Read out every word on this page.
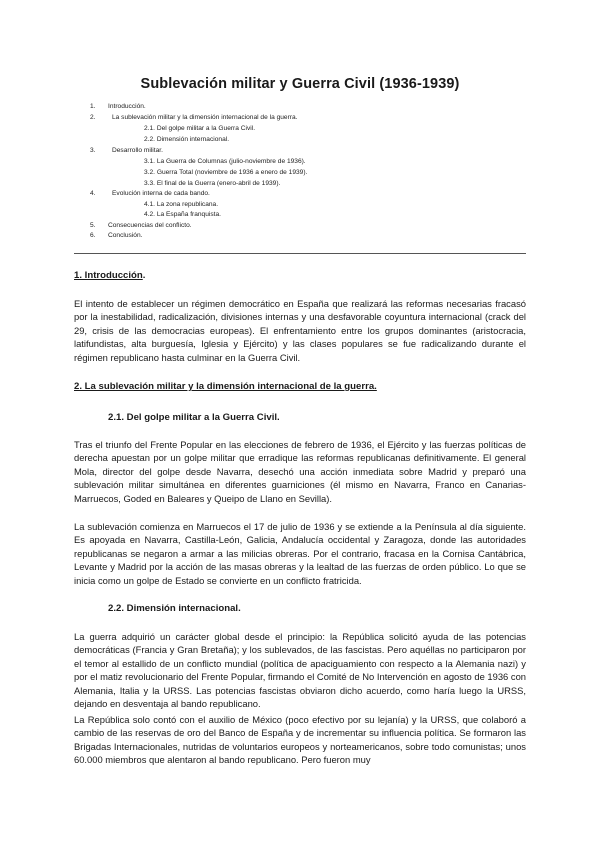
Sublevación militar y Guerra Civil (1936-1939)
1. Introducción.
2.	La sublevación militar y la dimensión internacional de la guerra.
2.1. Del golpe militar a la Guerra Civil.
2.2. Dimensión internacional.
3.	Desarrollo militar.
3.1. La Guerra de Columnas (julio-noviembre de 1936).
3.2. Guerra Total (noviembre de 1936 a enero de 1939).
3.3. El final de la Guerra (enero-abril de 1939).
4.	Evolución interna de cada bando.
4.1. La zona republicana.
4.2. La España franquista.
5. Consecuencias del conflicto.
6. Conclusión.
1. Introducción.
El intento de establecer un régimen democrático en España que realizará las reformas necesarias fracasó por la inestabilidad, radicalización, divisiones internas y una desfavorable coyuntura internacional (crack del 29, crisis de las democracias europeas). El enfrentamiento entre los grupos dominantes (aristocracia, latifundistas, alta burguesía, Iglesia y Ejército) y las clases populares se fue radicalizando durante el régimen republicano hasta culminar en la Guerra Civil.
2. La sublevación militar y la dimensión internacional de la guerra.
2.1. Del golpe militar a la Guerra Civil.
Tras el triunfo del Frente Popular en las elecciones de febrero de 1936, el Ejército y las fuerzas políticas de derecha apuestan por un golpe militar que erradique las reformas republicanas definitivamente. El general Mola, director del golpe desde Navarra, desechó una acción inmediata sobre Madrid y preparó una sublevación militar simultánea en diferentes guarniciones (él mismo en Navarra, Franco en Canarias- Marruecos, Goded en Baleares y Queipo de Llano en Sevilla).
La sublevación comienza en Marruecos el 17 de julio de 1936 y se extiende a la Península al día siguiente. Es apoyada en Navarra, Castilla-León, Galicia, Andalucía occidental y Zaragoza, donde las autoridades republicanas se negaron a armar a las milicias obreras. Por el contrario, fracasa en la Cornisa Cantábrica, Levante y Madrid por la acción de las masas obreras y la lealtad de las fuerzas de orden público. Lo que se inicia como un golpe de Estado se convierte en un conflicto fratricida.
2.2. Dimensión internacional.
La guerra adquirió un carácter global desde el principio: la República solicitó ayuda de las potencias democráticas (Francia y Gran Bretaña); y los sublevados, de las fascistas. Pero aquéllas no participaron por el temor al estallido de un conflicto mundial (política de apaciguamiento con respecto a la Alemania nazi) y por el matiz revolucionario del Frente Popular, firmando el Comité de No Intervención en agosto de 1936 con Alemania, Italia y la URSS. Las potencias fascistas obviaron dicho acuerdo, como haría luego la URSS, dejando en desventaja al bando republicano.
La República solo contó con el auxilio de México (poco efectivo por su lejanía) y la URSS, que colaboró a cambio de las reservas de oro del Banco de España y de incrementar su influencia política. Se formaron las Brigadas Internacionales, nutridas de voluntarios europeos y norteamericanos, sobre todo comunistas; unos 60.000 miembros que alentaron al bando republicano. Pero fueron muy
